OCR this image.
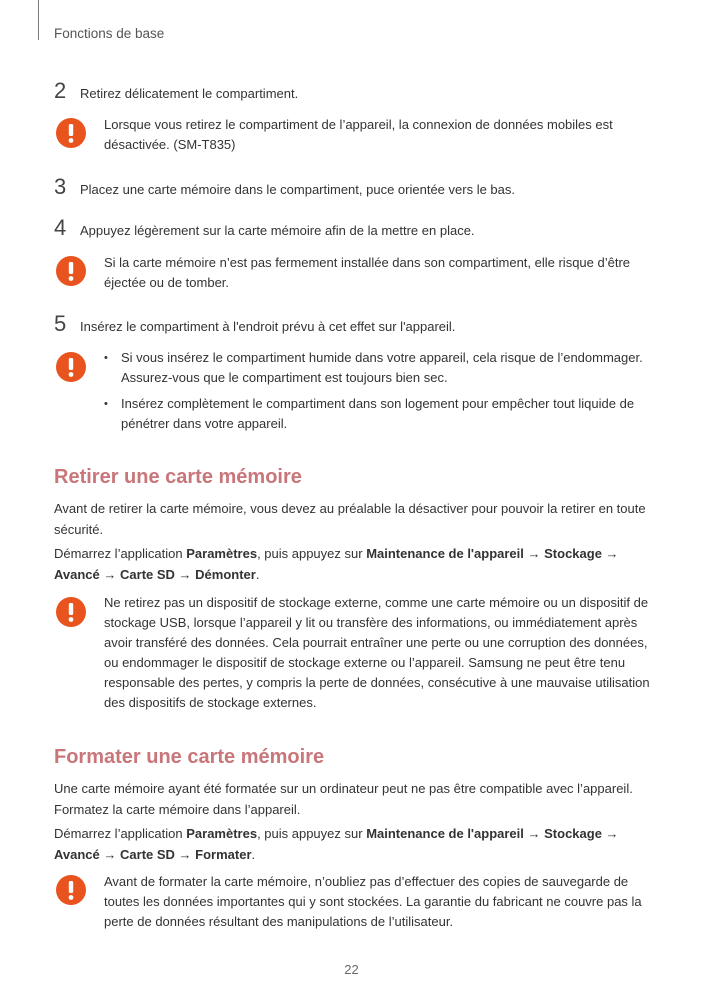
Fonctions de base
2 Retirez délicatement le compartiment.

Lorsque vous retirez le compartiment de l’appareil, la connexion de données mobiles est désactivée. (SM-T835)

3 Placez une carte mémoire dans le compartiment, puce orientée vers le bas.
4 Appuyez légèrement sur la carte mémoire afin de la mettre en place.

Si la carte mémoire n’est pas fermement installée dans son compartiment, elle risque d’être éjectée ou de tomber.

5 Insérez le compartiment à l'endroit prévu à cet effet sur l'appareil.
• Si vous insérez le compartiment humide dans votre appareil, cela risque de l’endommager. Assurez-vous que le compartiment est toujours bien sec.
• Insérez complètement le compartiment dans son logement pour empêcher tout liquide de pénétrer dans votre appareil.
Retirer une carte mémoire

Avant de retirer la carte mémoire, vous devez au préalable la désactiver pour pouvoir la retirer en toute sécurité.

Démarrez l’application Paramètres, puis appuyez sur Maintenance de l'appareil → Stockage → Avancé → Carte SD → Démonter.

Ne retirez pas un dispositif de stockage externe, comme une carte mémoire ou un dispositif de stockage USB, lorsque l’appareil y lit ou transfère des informations, ou immédiatement après avoir transféré des données. Cela pourrait entraîner une perte ou une corruption des données, ou endommager le dispositif de stockage externe ou l’appareil. Samsung ne peut être tenu responsable des pertes, y compris la perte de données, consécutive à une mauvaise utilisation des dispositifs de stockage externes.

Formater une carte mémoire

Une carte mémoire ayant été formatée sur un ordinateur peut ne pas être compatible avec l’appareil. Formatez la carte mémoire dans l’appareil.

Démarrez l’application Paramètres, puis appuyez sur Maintenance de l'appareil → Stockage → Avancé → Carte SD → Formater.

Avant de formater la carte mémoire, n’oubliez pas d’effectuer des copies de sauvegarde de toutes les données importantes qui y sont stockées. La garantie du fabricant ne couvre pas la perte de données résultant des manipulations de l’utilisateur.

22
